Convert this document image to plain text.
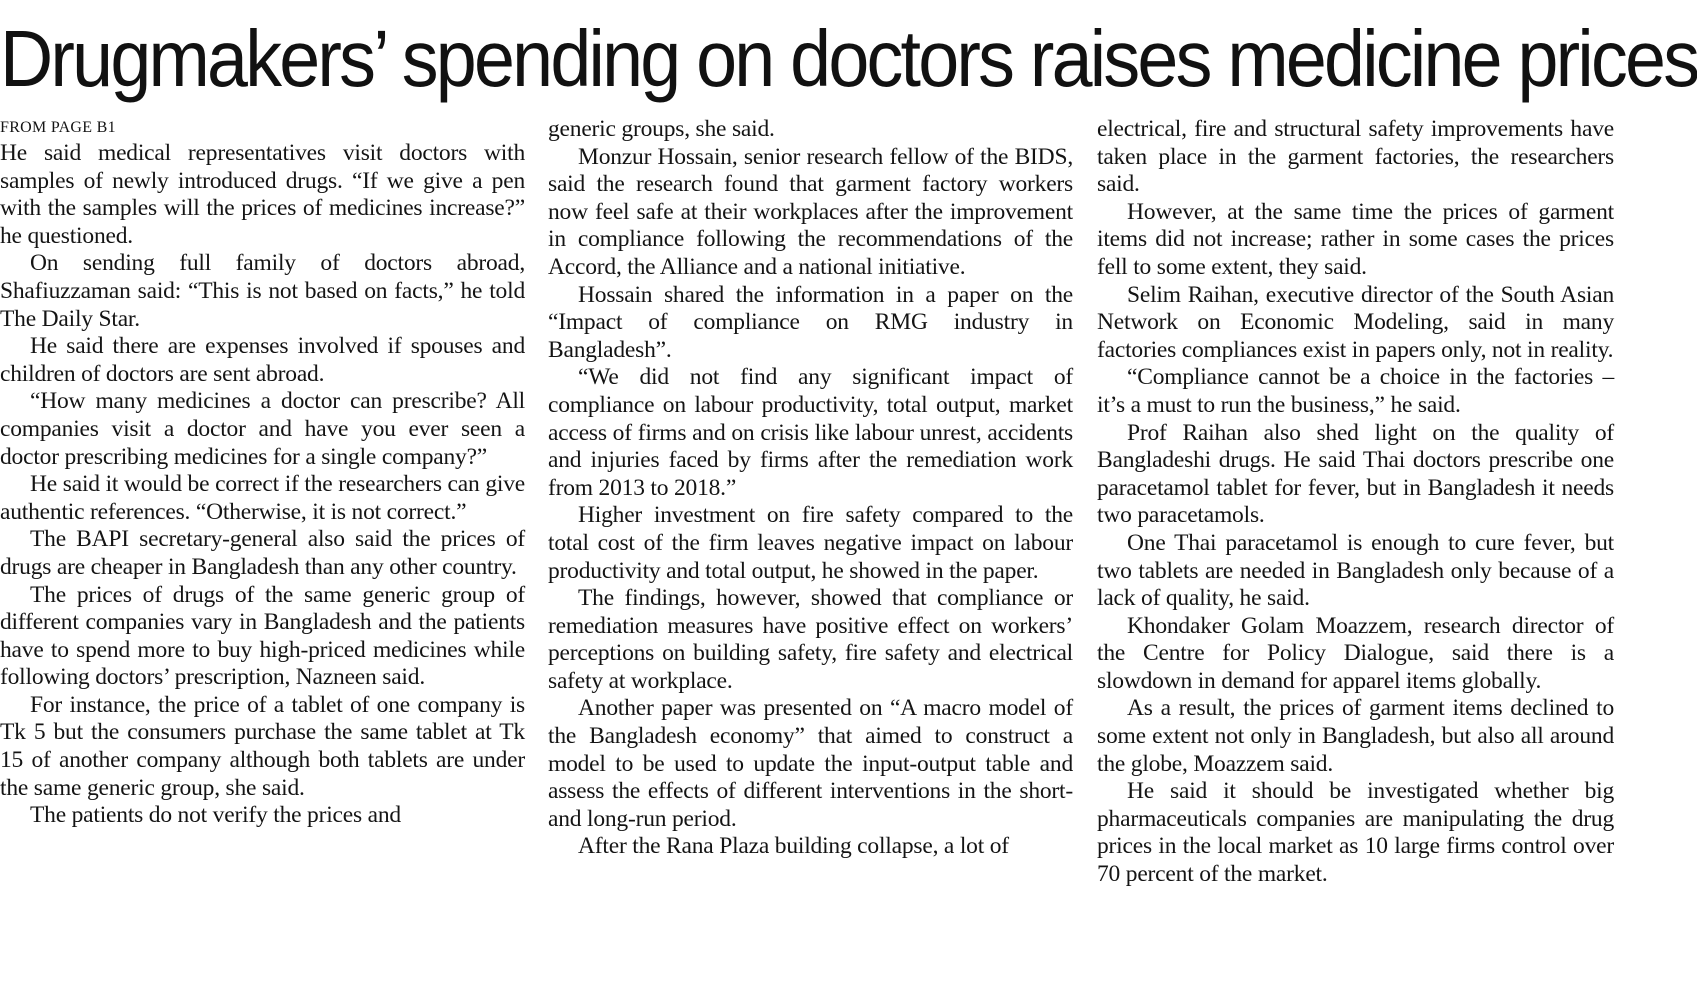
Drugmakers’ spending on doctors raises medicine prices
FROM PAGE B1

He said medical representatives visit doctors with samples of newly introduced drugs. “If we give a pen with the samples will the prices of medicines increase?” he questioned.

On sending full family of doctors abroad, Shafiuzzaman said: “This is not based on facts,” he told The Daily Star.

He said there are expenses involved if spouses and children of doctors are sent abroad.

“How many medicines a doctor can prescribe? All companies visit a doctor and have you ever seen a doctor prescribing medicines for a single company?”

He said it would be correct if the researchers can give authentic references. “Otherwise, it is not correct.”

The BAPI secretary-general also said the prices of drugs are cheaper in Bangladesh than any other country.

The prices of drugs of the same generic group of different companies vary in Bangladesh and the patients have to spend more to buy high-priced medicines while following doctors’ prescription, Nazneen said.

For instance, the price of a tablet of one company is Tk 5 but the consumers purchase the same tablet at Tk 15 of another company although both tablets are under the same generic group, she said.

The patients do not verify the prices and

generic groups, she said.

Monzur Hossain, senior research fellow of the BIDS, said the research found that garment factory workers now feel safe at their workplaces after the improvement in compliance following the recommendations of the Accord, the Alliance and a national initiative.

Hossain shared the information in a paper on the “Impact of compliance on RMG industry in Bangladesh”.

“We did not find any significant impact of compliance on labour productivity, total output, market access of firms and on crisis like labour unrest, accidents and injuries faced by firms after the remediation work from 2013 to 2018.”

Higher investment on fire safety compared to the total cost of the firm leaves negative impact on labour productivity and total output, he showed in the paper.

The findings, however, showed that compliance or remediation measures have positive effect on workers’ perceptions on building safety, fire safety and electrical safety at workplace.

Another paper was presented on “A macro model of the Bangladesh economy” that aimed to construct a model to be used to update the input-output table and assess the effects of different interventions in the short- and long-run period.

After the Rana Plaza building collapse, a lot of

electrical, fire and structural safety improvements have taken place in the garment factories, the researchers said.

However, at the same time the prices of garment items did not increase; rather in some cases the prices fell to some extent, they said.

Selim Raihan, executive director of the South Asian Network on Economic Modeling, said in many factories compliances exist in papers only, not in reality.

“Compliance cannot be a choice in the factories – it’s a must to run the business,” he said.

Prof Raihan also shed light on the quality of Bangladeshi drugs. He said Thai doctors prescribe one paracetamol tablet for fever, but in Bangladesh it needs two paracetamols.

One Thai paracetamol is enough to cure fever, but two tablets are needed in Bangladesh only because of a lack of quality, he said.

Khondaker Golam Moazzem, research director of the Centre for Policy Dialogue, said there is a slowdown in demand for apparel items globally.

As a result, the prices of garment items declined to some extent not only in Bangladesh, but also all around the globe, Moazzem said.

He said it should be investigated whether big pharmaceuticals companies are manipulating the drug prices in the local market as 10 large firms control over 70 percent of the market.
